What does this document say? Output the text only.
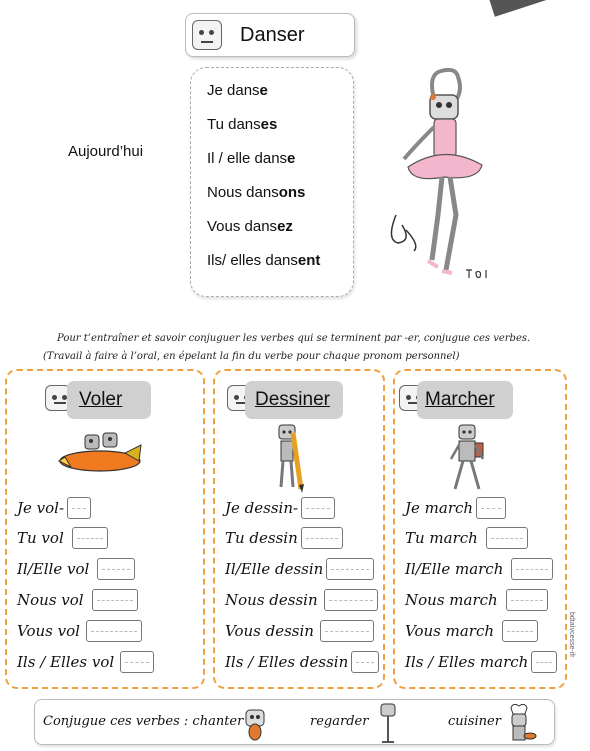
Danser
Aujourd’hui
Je danse
Tu danses
Il / elle danse
Nous dansons
Vous dansez
Ils/ elles dansent
Pour t’entraîner et savoir conjuguer les verbes qui se terminent par -er, conjugue ces verbes.
(Travail à faire à l’oral, en épelant la fin du verbe pour chaque pronom personnel)
Voler
Je vol-
Tu vol
Il/Elle vol
Nous vol
Vous vol
Ils / Elles vol
Dessiner
Je dessin-
Tu dessin
Il/Elle dessin
Nous dessin
Vous dessin
Ils / Elles dessin
Marcher
Je march
Tu march
Il/Elle march
Nous march
Vous march
Ils / Elles march
bdtaìvcesse-ifr
Conjugue ces verbes : chanter	regarder	cuisiner
